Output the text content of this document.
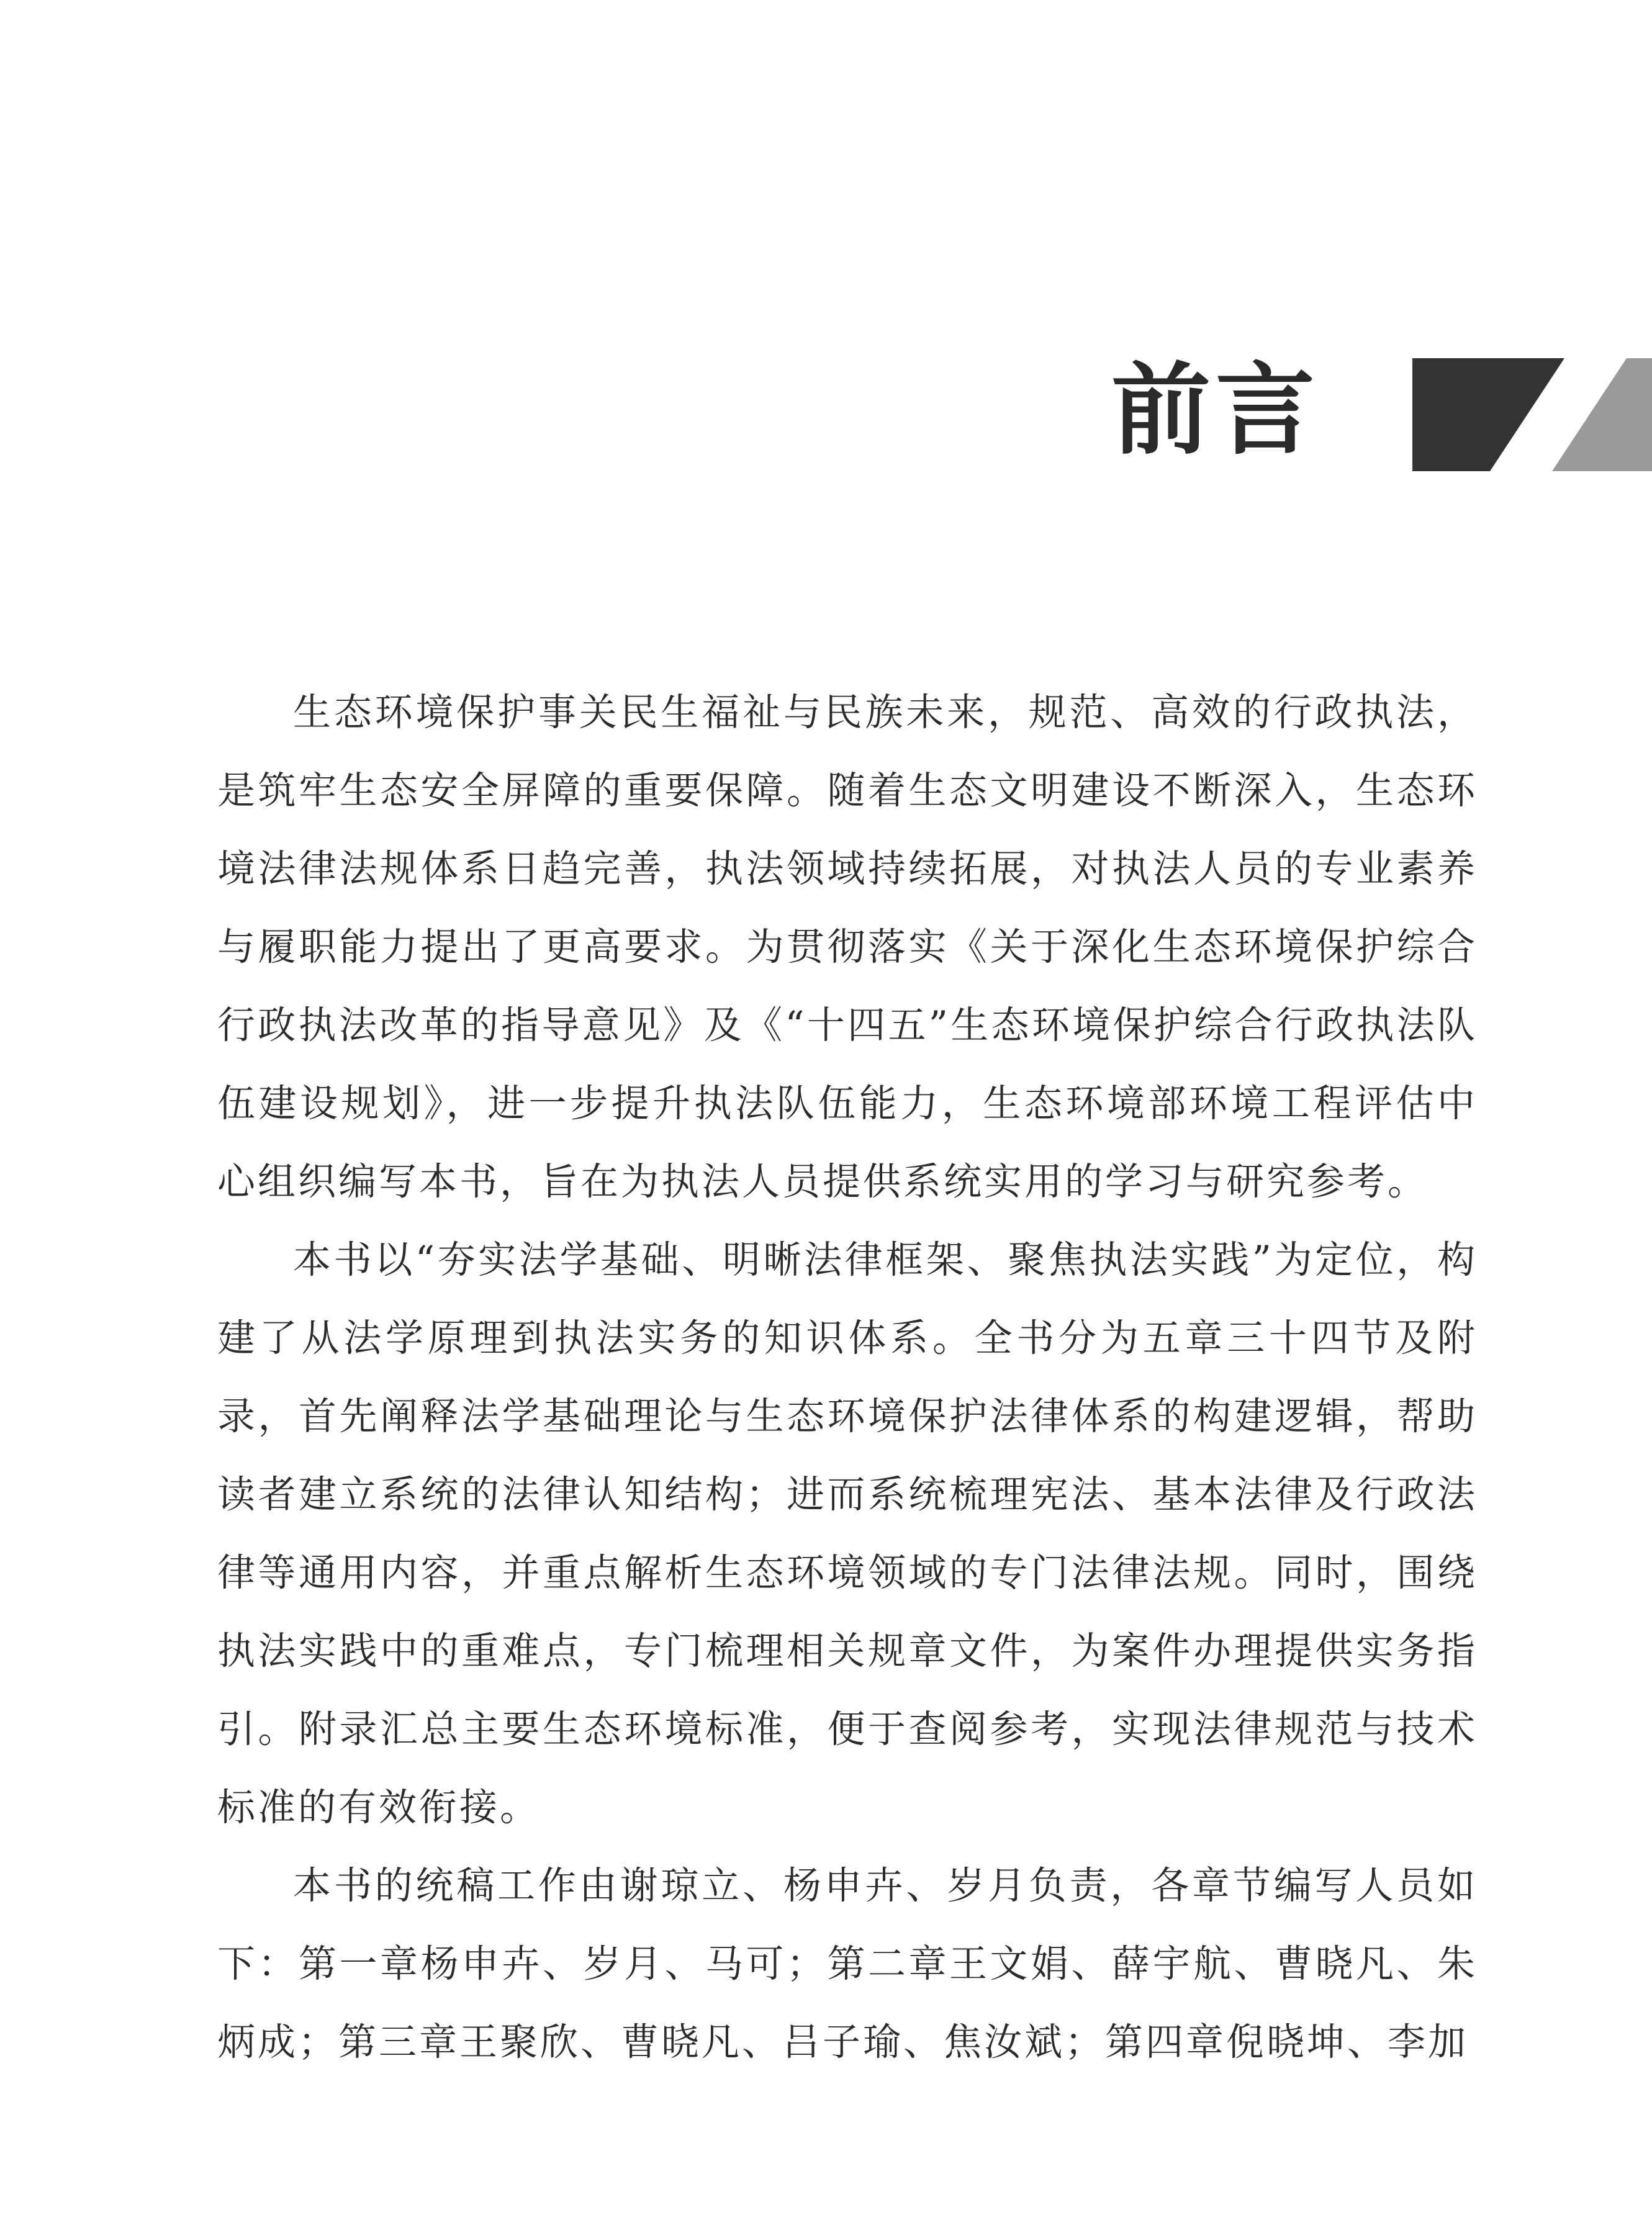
前言

生态环境保护事关民生福祉与民族未来，规范、高效的行政执法，是筑牢生态安全屏障的重要保障。随着生态文明建设不断深入，生态环境法律法规体系日趋完善，执法领域持续拓展，对执法人员的专业素养与履职能力提出了更高要求。为贯彻落实《关于深化生态环境保护综合行政执法改革的指导意见》及《“十四五”生态环境保护综合行政执法队伍建设规划》，进一步提升执法队伍能力，生态环境部环境工程评估中心组织编写本书，旨在为执法人员提供系统实用的学习与研究参考。

本书以“夯实法学基础、明晰法律框架、聚焦执法实践”为定位，构建了从法学原理到执法实务的知识体系。全书分为五章三十四节及附录，首先阐释法学基础理论与生态环境保护法律体系的构建逻辑，帮助读者建立系统的法律认知结构；进而系统梳理宪法、基本法律及行政法律等通用内容，并重点解析生态环境领域的专门法律法规。同时，围绕执法实践中的重难点，专门梳理相关规章文件，为案件办理提供实务指引。附录汇总主要生态环境标准，便于查阅参考，实现法律规范与技术标准的有效衔接。

本书的统稿工作由谢琼立、杨申卉、岁月负责，各章节编写人员如下：第一章杨申卉、岁月、马可；第二章王文娟、薛宇航、曹晓凡、朱炳成；第三章王聚欣、曹晓凡、吕子瑜、焦汝斌；第四章倪晓坤、李加
